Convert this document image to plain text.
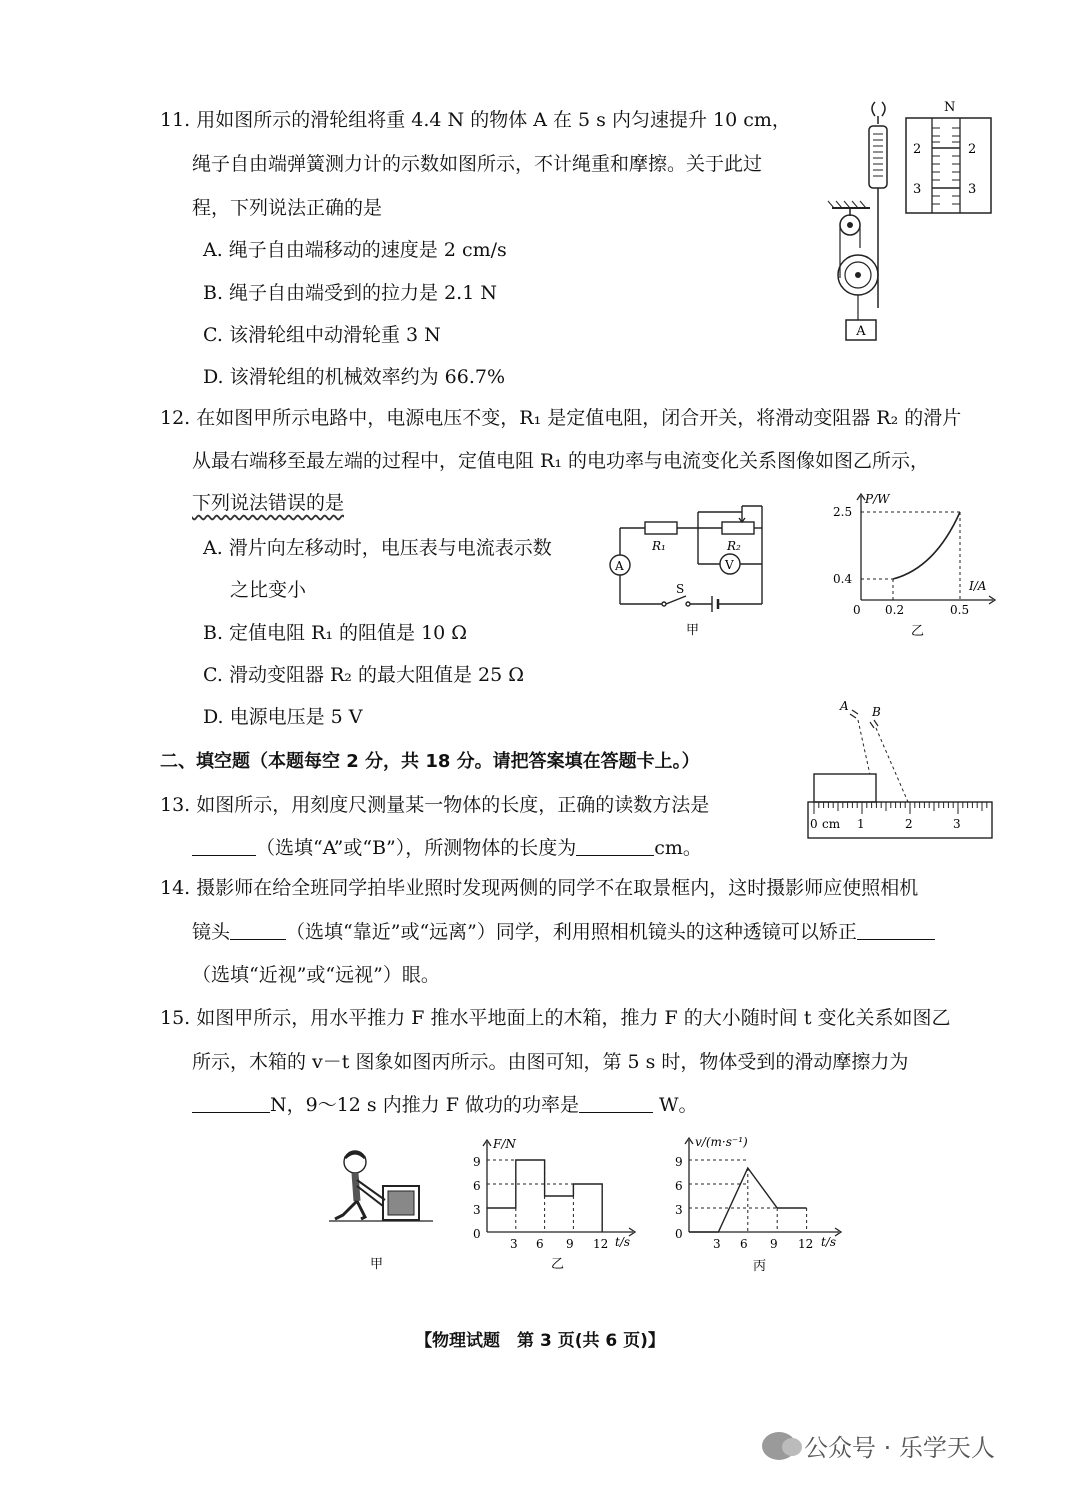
11. 用如图所示的滑轮组将重 4.4 N 的物体 A 在 5 s 内匀速提升 10 cm，
绳子自由端弹簧测力计的示数如图所示，不计绳重和摩擦。关于此过
程，下列说法正确的是
A. 绳子自由端移动的速度是 2 cm/s
B. 绳子自由端受到的拉力是 2.1 N
C. 该滑轮组中动滑轮重 3 N
D. 该滑轮组的机械效率约为 66.7%
A
N
2
3
2
3
12. 在如图甲所示电路中，电源电压不变，R₁ 是定值电阻，闭合开关，将滑动变阻器 R₂ 的滑片
从最右端移至最左端的过程中，定值电阻 R₁ 的电功率与电流变化关系图像如图乙所示，
下列说法错误的是
A. 滑片向左移动时，电压表与电流表示数
之比变小
B. 定值电阻 R₁ 的阻值是 10 Ω
C. 滑动变阻器 R₂ 的最大阻值是 25 Ω
D. 电源电压是 5 V
R₁	R₂
A	V
S
甲
P/W
I/A
2.5
0.4
0 0.2	0.5
乙
二、填空题（本题每空 2 分，共 18 分。请把答案填在答题卡上。）
13. 如图所示，用刻度尺测量某一物体的长度，正确的读数方法是
（选填“A”或“B”），所测物体的长度为	cm。
A B
0 cm 1	2	3
14. 摄影师在给全班同学拍毕业照时发现两侧的同学不在取景框内，这时摄影师应使照相机
镜头	（选填“靠近”或“远离”）同学，利用照相机镜头的这种透镜可以矫正
（选填“近视”或“远视”）眼。
15. 如图甲所示，用水平推力 F 推水平地面上的木箱，推力 F 的大小随时间 t 变化关系如图乙
所示，木箱的 v－t 图象如图丙所示。由图可知，第 5 s 时，物体受到的滑动摩擦力为
N，9～12 s 内推力 F 做功的功率是	W。
甲
F/N
t/s
9
6
3
0
3 6 9 12
乙
v/(m·s⁻¹)
t/s
9
6
3
0
3 6 9 12
丙
【物理试题　第 3 页(共 6 页)】
公众号 · 乐学天人
